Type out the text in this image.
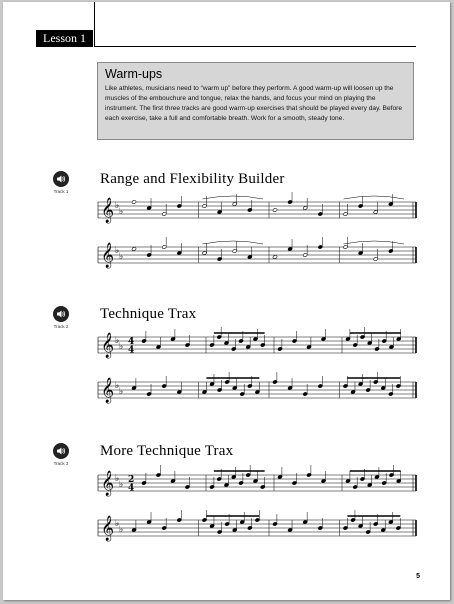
Lesson 1
Warm-ups

Like athletes, musicians need to “warm up” before they perform. A good warm-up will loosen up the muscles of the embouchure and tongue, relax the hands, and focus your mind on playing the instrument. The first three tracks are good warm-up exercises that should be played every day. Before each exercise, take a full and comfortable breath. Work for a smooth, steady tone.

Track 1
Range and Flexibility Builder
𝄞 ♭
♭
𝄞 ♭
♭
Track 2
Technique Trax
𝄞 ♭
♭ 4
4
𝄞 ♭
♭
Track 3
More Technique Trax
𝄞 ♭
♭ 2
4
𝄞 ♭
♭
5
